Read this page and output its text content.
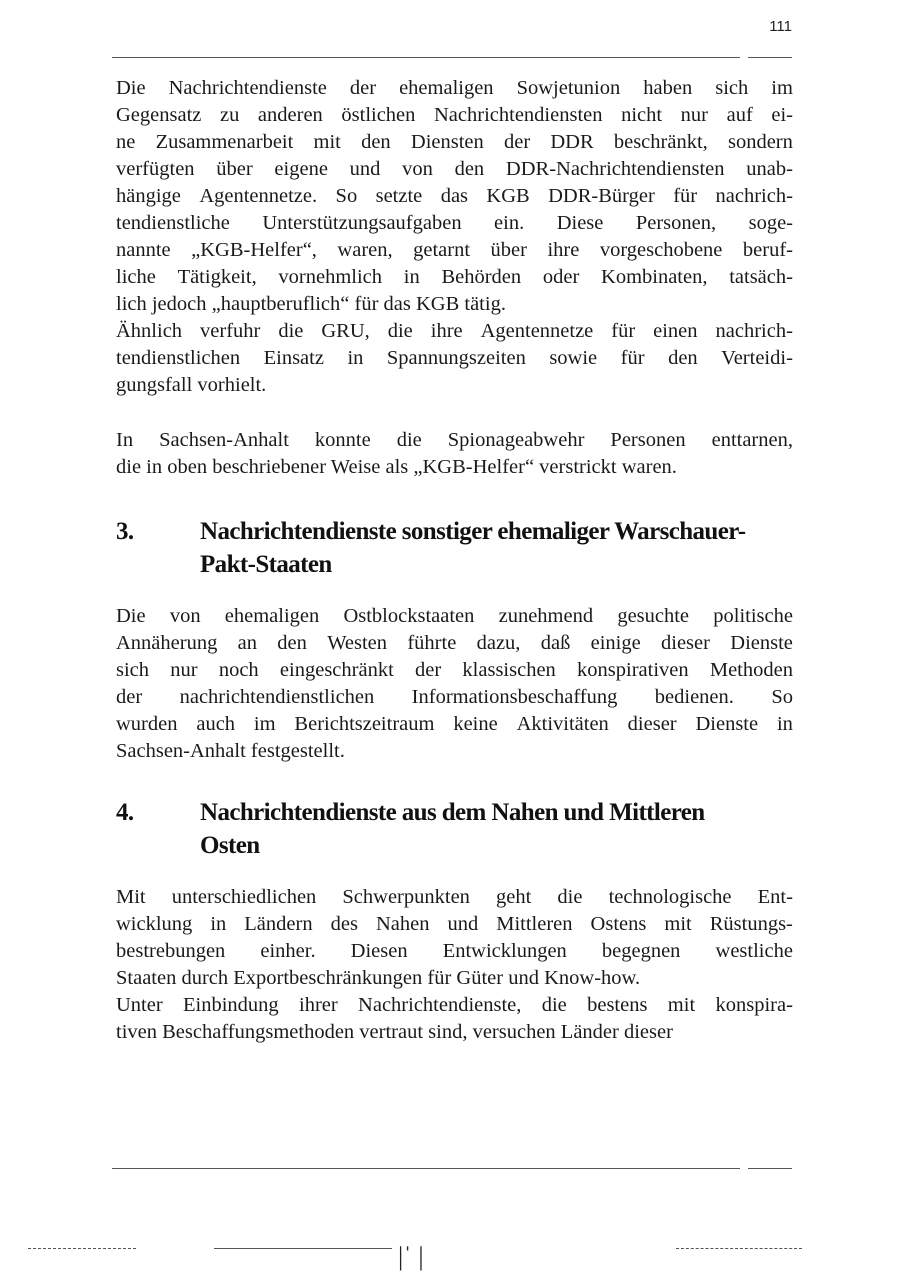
111
Die Nachrichtendienste der ehemaligen Sowjetunion haben sich im
Gegensatz zu anderen östlichen Nachrichtendiensten nicht nur auf ei-
ne Zusammenarbeit mit den Diensten der DDR beschränkt, sondern
verfügten über eigene und von den DDR-Nachrichtendiensten unab-
hängige Agentennetze. So setzte das KGB DDR-Bürger für nachrich-
tendienstliche Unterstützungsaufgaben ein. Diese Personen, soge-
nannte „KGB-Helfer“, waren, getarnt über ihre vorgeschobene beruf-
liche Tätigkeit, vornehmlich in Behörden oder Kombinaten, tatsäch-
lich jedoch „hauptberuflich“ für das KGB tätig.
Ähnlich verfuhr die GRU, die ihre Agentennetze für einen nachrich-
tendienstlichen Einsatz in Spannungszeiten sowie für den Verteidi-
gungsfall vorhielt.
In Sachsen-Anhalt konnte die Spionageabwehr Personen enttarnen,
die in oben beschriebener Weise als „KGB-Helfer“ verstrickt waren.
3.	Nachrichtendienste sonstiger ehemaliger Warschauer-
Pakt-Staaten
Die von ehemaligen Ostblockstaaten zunehmend gesuchte politische
Annäherung an den Westen führte dazu, daß einige dieser Dienste
sich nur noch eingeschränkt der klassischen konspirativen Methoden
der nachrichtendienstlichen Informationsbeschaffung bedienen. So
wurden auch im Berichtszeitraum keine Aktivitäten dieser Dienste in
Sachsen-Anhalt festgestellt.
4.	Nachrichtendienste aus dem Nahen und Mittleren
Osten
Mit unterschiedlichen Schwerpunkten geht die technologische Ent-
wicklung in Ländern des Nahen und Mittleren Ostens mit Rüstungs-
bestrebungen einher. Diesen Entwicklungen begegnen westliche
Staaten durch Exportbeschränkungen für Güter und Know-how.
Unter Einbindung ihrer Nachrichtendienste, die bestens mit konspira-
tiven Beschaffungsmethoden vertraut sind, versuchen Länder dieser
|ˈ |
